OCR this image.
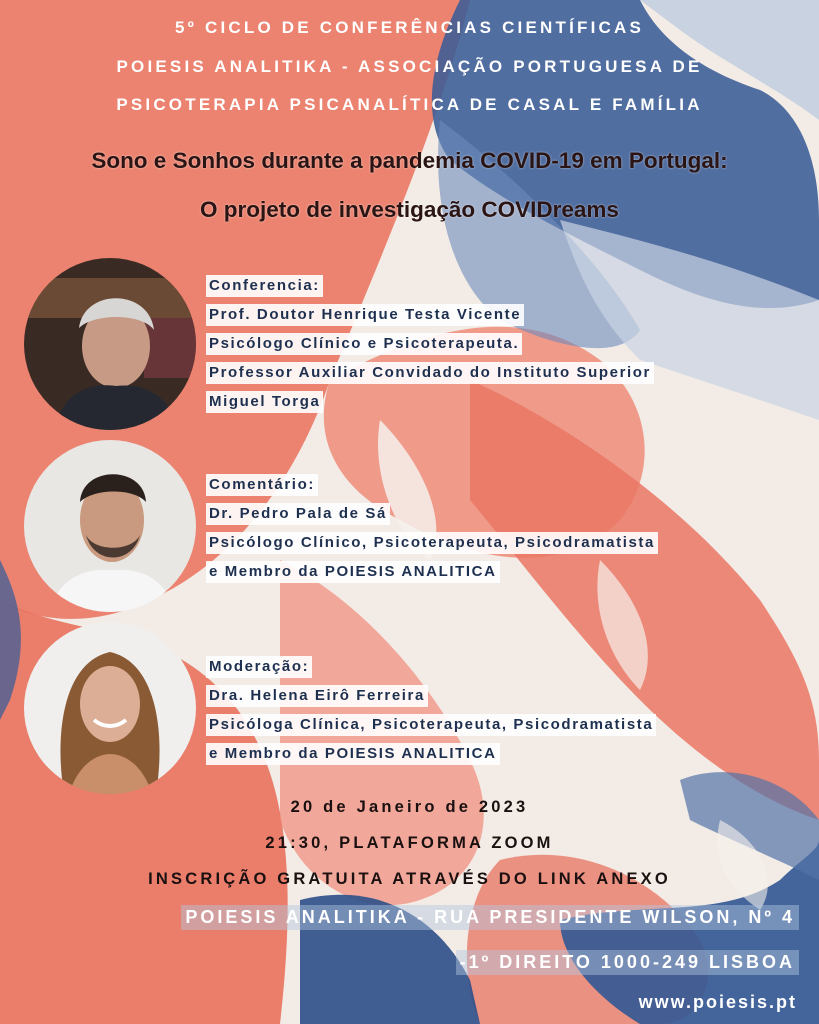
5º CICLO DE CONFERÊNCIAS CIENTÍFICAS
POIESIS ANALITIKA - ASSOCIAÇÃO PORTUGUESA DE
PSICOTERAPIA PSICANALÍTICA DE CASAL E FAMÍLIA
Sono e Sonhos durante a pandemia COVID-19 em Portugal:
O projeto de investigação COVIDreams
Conferencia:
Prof. Doutor Henrique Testa Vicente
Psicólogo Clínico e Psicoterapeuta.
Professor Auxiliar Convidado do Instituto Superior
Miguel Torga
Comentário:
Dr. Pedro Pala de Sá
Psicólogo Clínico, Psicoterapeuta, Psicodramatista
e Membro da POIESIS ANALITICA
Moderação:
Dra. Helena Eirô Ferreira
Psicóloga Clínica, Psicoterapeuta, Psicodramatista
e Membro da POIESIS ANALITICA
20 de Janeiro de 2023
21:30, PLATAFORMA ZOOM
INSCRIÇÃO GRATUITA ATRAVÉS DO LINK ANEXO
POIESIS ANALITIKA - RUA PRESIDENTE WILSON, Nº 4
-1º DIREITO 1000-249 LISBOA
www.poiesis.pt
